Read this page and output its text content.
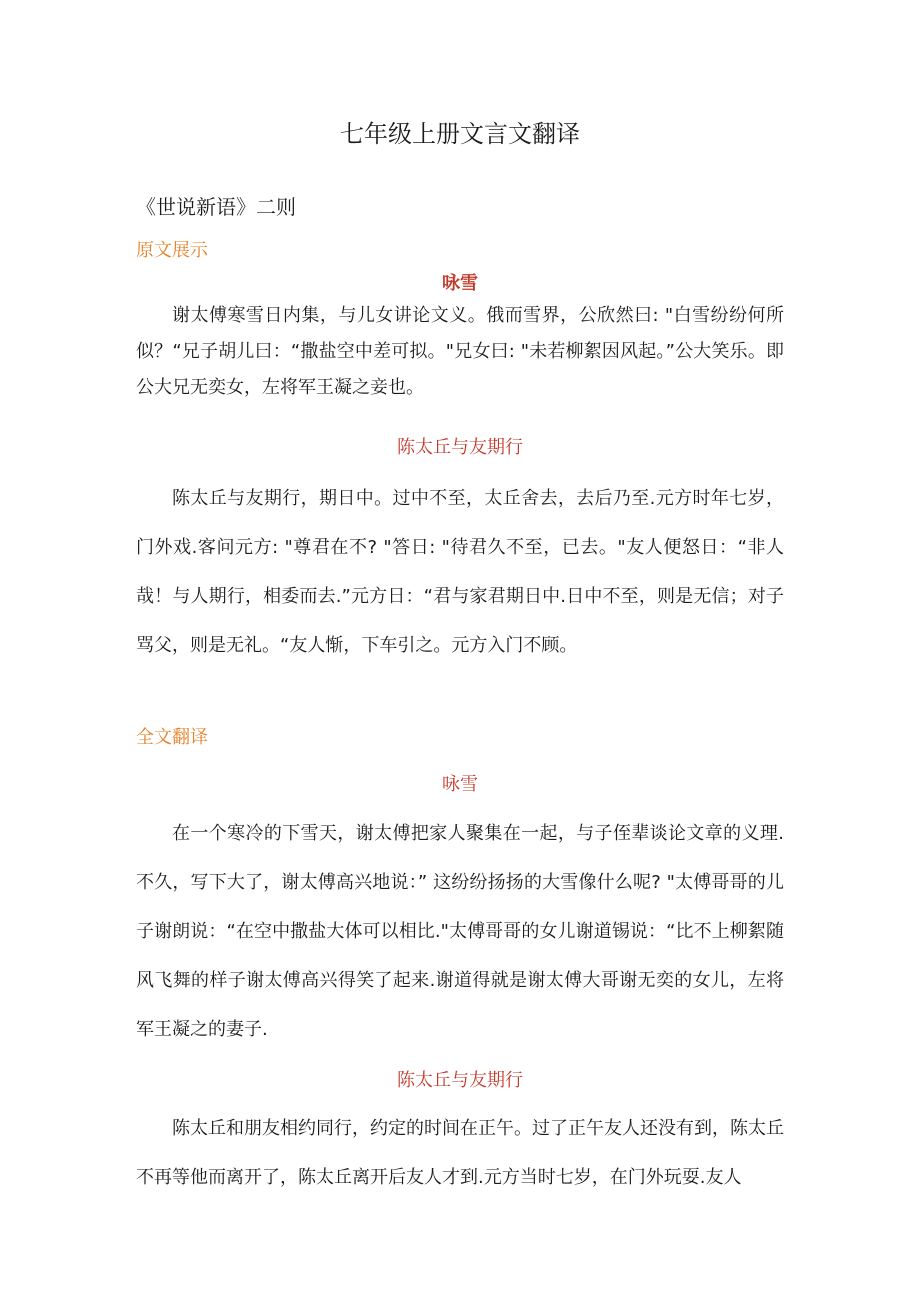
七年级上册文言文翻译
《世说新语》二则
原文展示
咏雪

谢太傅寒雪日内集，与儿女讲论文义。俄而雪界，公欣然曰: "白雪纷纷何所似？“兄子胡儿曰：“撒盐空中差可拟。"兄女曰: "未若柳絮因风起。”公大笑乐。即公大兄无奕女，左将军王凝之妾也。

陈太丘与友期行

陈太丘与友期行，期日中。过中不至，太丘舍去，去后乃至.元方时年七岁，门外戏.客问元方: "尊君在不? "答日: "待君久不至，已去。"友人便怒日：“非人哉！与人期行，相委而去.”元方日：“君与家君期日中.日中不至，则是无信；对子骂父，则是无礼。“友人惭，下车引之。元方入门不顾。

全文翻译
咏雪

在一个寒冷的下雪天，谢太傅把家人聚集在一起，与子侄辈谈论文章的义理.不久，写下大了，谢太傅高兴地说：” 这纷纷扬扬的大雪像什么呢? "太傅哥哥的儿子谢朗说：“在空中撒盐大体可以相比."太傅哥哥的女儿谢道锡说：“比不上柳絮随风飞舞的样子谢太傅高兴得笑了起来.谢道得就是谢太傅大哥谢无奕的女儿，左将军王凝之的妻子.

陈太丘与友期行

陈太丘和朋友相约同行，约定的时间在正午。过了正午友人还没有到，陈太丘不再等他而离开了，陈太丘离开后友人才到.元方当时七岁，在门外玩耍.友人
